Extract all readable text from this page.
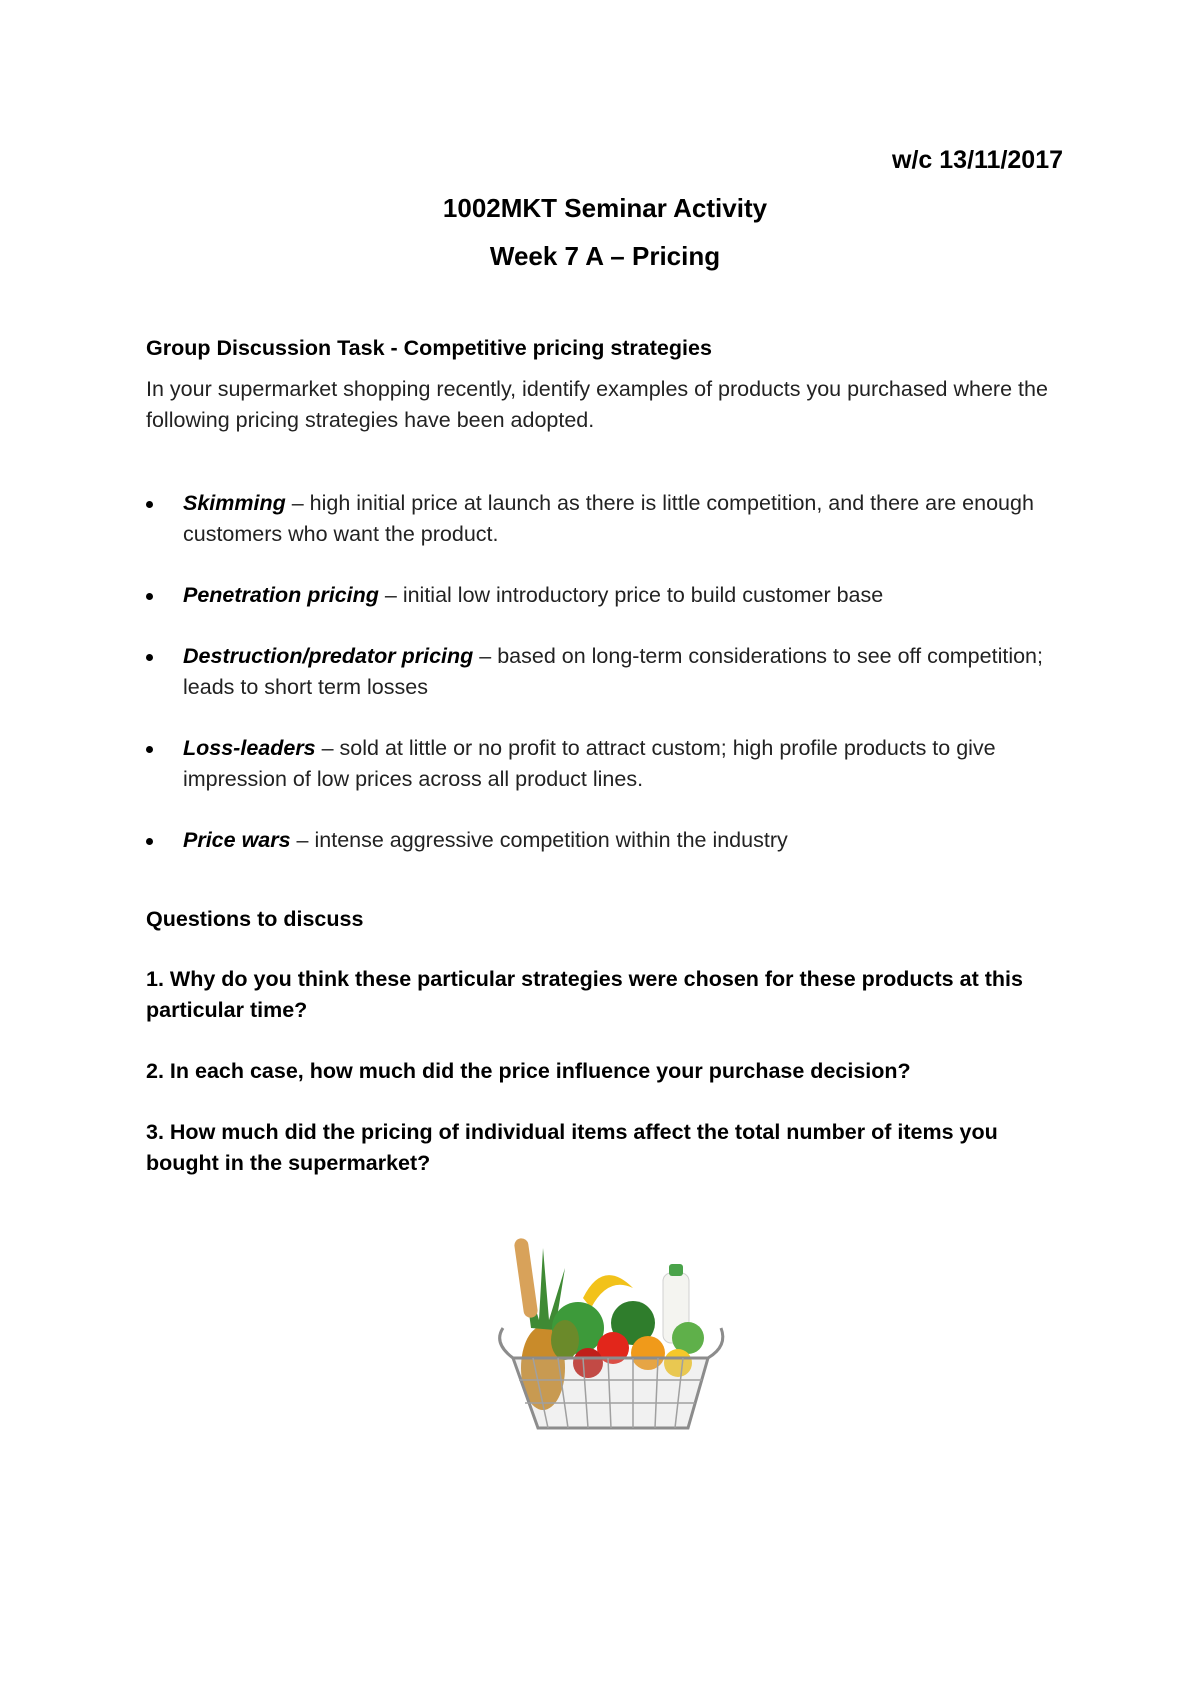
w/c 13/11/2017

1002MKT Seminar Activity

Week 7 A – Pricing

Group Discussion Task - Competitive pricing strategies

In your supermarket shopping recently, identify examples of products you purchased where the following pricing strategies have been adopted.

Skimming – high initial price at launch as there is little competition, and there are enough customers who want the product.
Penetration pricing – initial low introductory price to build customer base
Destruction/predator pricing – based on long-term considerations to see off competition; leads to short term losses
Loss-leaders – sold at little or no profit to attract custom; high profile products to give impression of low prices across all product lines.
Price wars – intense aggressive competition within the industry

Questions to discuss

1. Why do you think these particular strategies were chosen for these products at this particular time?

2. In each case, how much did the price influence your purchase decision?

3. How much did the pricing of individual items affect the total number of items you bought in the supermarket?
